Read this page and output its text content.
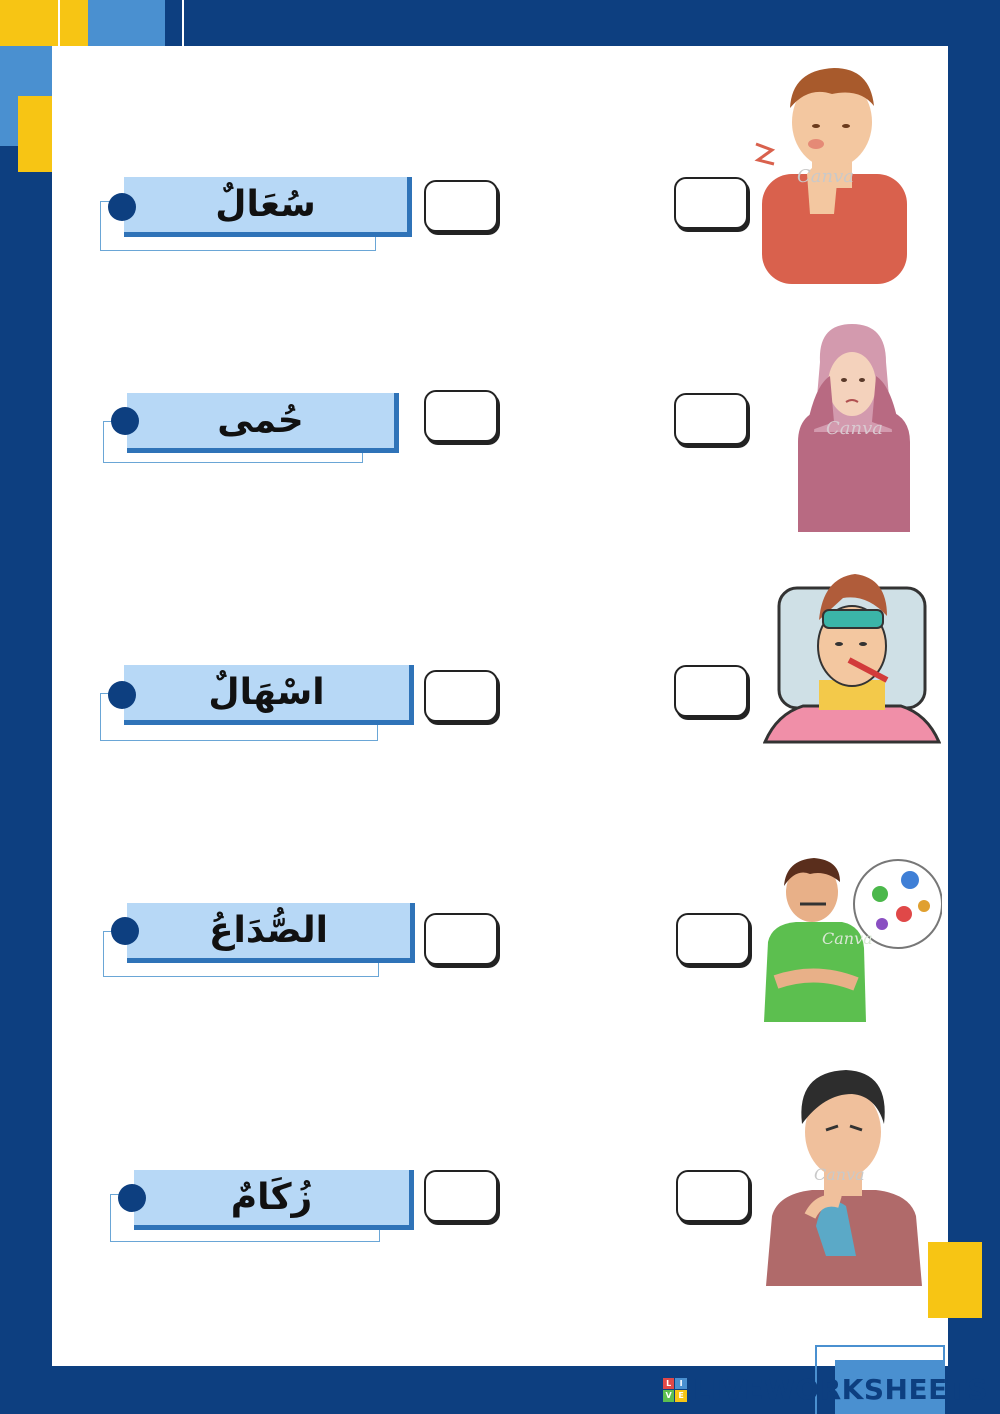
سُعَالٌ
Canva
حُمى	Canva
اسْهَالٌ
الصُّدَاعُ	Canva
زُكَامٌ
Canva
L	I
V E LIVEWORKSHEETS
